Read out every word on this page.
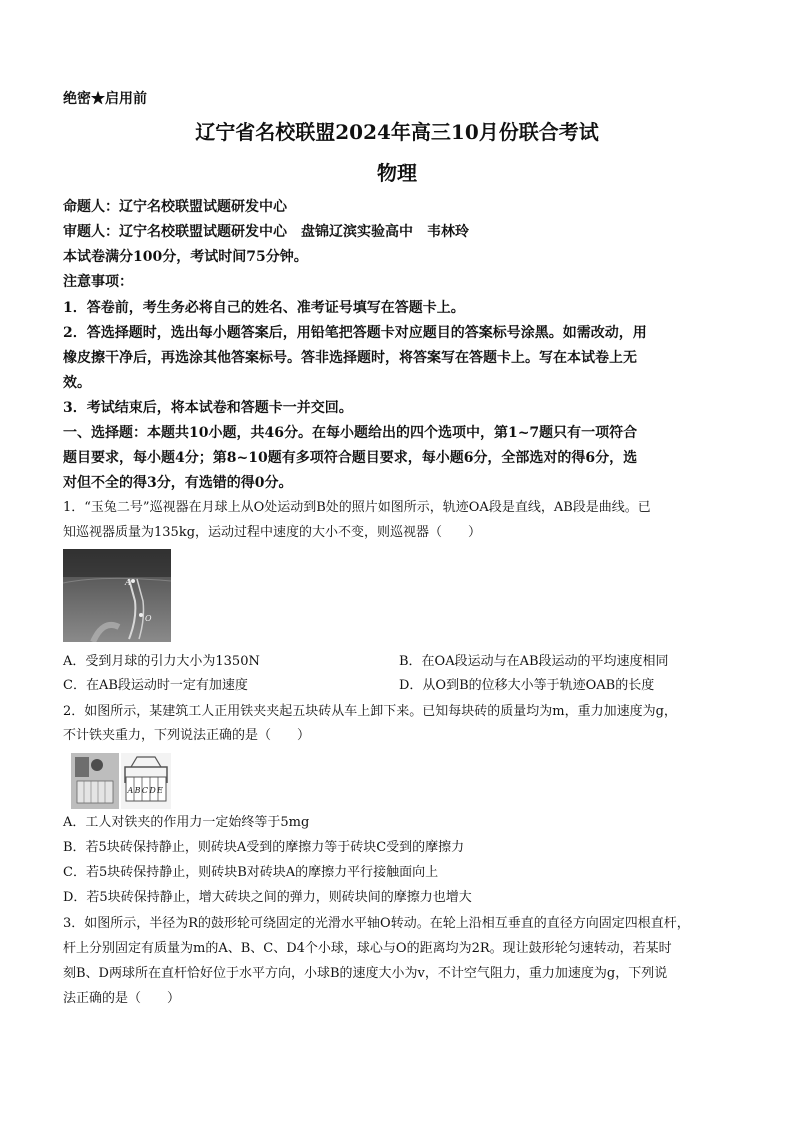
绝密★启用前
辽宁省名校联盟2024年高三10月份联合考试
物理
命题人：辽宁名校联盟试题研发中心
审题人：辽宁名校联盟试题研发中心　盘锦辽滨实验高中　韦林玲
本试卷满分100分，考试时间75分钟。
注意事项：
1．答卷前，考生务必将自己的姓名、准考证号填写在答题卡上。
2．答选择题时，选出每小题答案后，用铅笔把答题卡对应题目的答案标号涂黑。如需改动，用
橡皮擦干净后，再选涂其他答案标号。答非选择题时，将答案写在答题卡上。写在本试卷上无
效。
3．考试结束后，将本试卷和答题卡一并交回。
一、选择题：本题共10小题，共46分。在每小题给出的四个选项中，第1~7题只有一项符合
题目要求，每小题4分；第8~10题有多项符合题目要求，每小题6分，全部选对的得6分，选
对但不全的得3分，有选错的得0分。
1．“玉兔二号”巡视器在月球上从O处运动到B处的照片如图所示，轨迹OA段是直线，AB段是曲线。已
知巡视器质量为135kg，运动过程中速度的大小不变，则巡视器（　　）
A
O
A．受到月球的引力大小为1350N	B．在OA段运动与在AB段运动的平均速度相同
C．在AB段运动时一定有加速度	D．从O到B的位移大小等于轨迹OAB的长度
2．如图所示，某建筑工人正用铁夹夹起五块砖从车上卸下来。已知每块砖的质量均为m，重力加速度为g，
不计铁夹重力，下列说法正确的是（　　）
ABCDE
A．工人对铁夹的作用力一定始终等于5mg
B．若5块砖保持静止，则砖块A受到的摩擦力等于砖块C受到的摩擦力
C．若5块砖保持静止，则砖块B对砖块A的摩擦力平行接触面向上
D．若5块砖保持静止，增大砖块之间的弹力，则砖块间的摩擦力也增大
3．如图所示，半径为R的鼓形轮可绕固定的光滑水平轴O转动。在轮上沿相互垂直的直径方向固定四根直杆，
杆上分别固定有质量为m的A、B、C、D4个小球，球心与O的距离均为2R。现让鼓形轮匀速转动，若某时
刻B、D两球所在直杆恰好位于水平方向，小球B的速度大小为v，不计空气阻力，重力加速度为g，下列说
法正确的是（　　）
